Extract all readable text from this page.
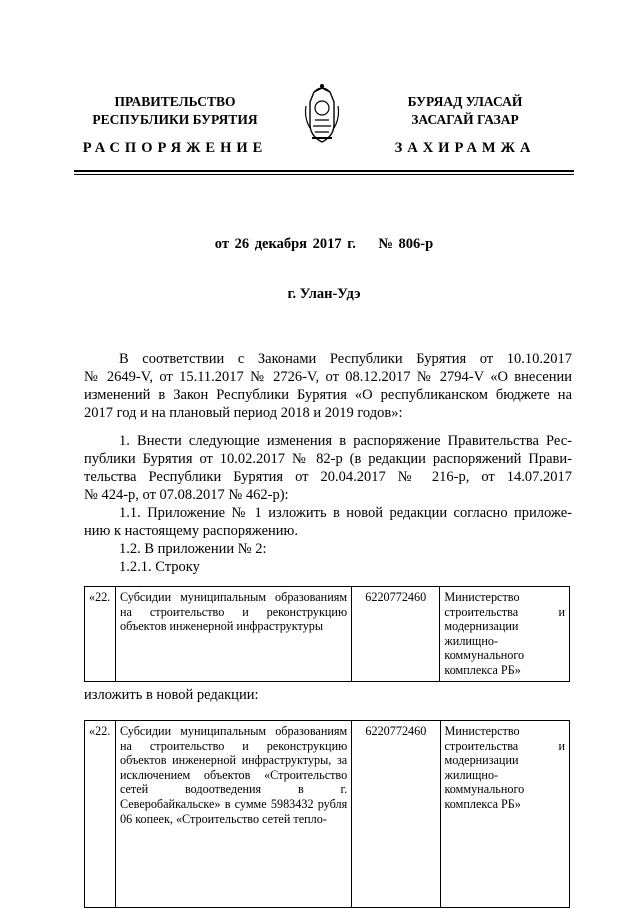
ПРАВИТЕЛЬСТВО
РЕСПУБЛИКИ БУРЯТИЯ
БУРЯАД УЛАСАЙ
ЗАСАГАЙ ГАЗАР
РАСПОРЯЖЕНИЕ	ЗАХИРАМЖА
от 26 декабря 2017 г.    № 806-р
г. Улан-Удэ

В соответствии с Законами Республики Бурятия от 10.10.2017

№ 2649-V, от 15.11.2017 № 2726-V, от 08.12.2017 № 2794-V «О внесении

изменений в Закон Республики Бурятия «О республиканском бюджете на

2017 год и на плановый период 2018 и 2019 годов»:

1. Внести следующие изменения в распоряжение Правительства Рес-

публики Бурятия от 10.02.2017 № 82-р (в редакции распоряжений Прави-

тельства Республики Бурятия от 20.04.2017 № 216-р, от 14.07.2017

№ 424-р, от 07.08.2017 № 462-р):

1.1. Приложение № 1 изложить в новой редакции согласно приложе-

нию к настоящему распоряжению.

1.2. В приложении № 2:

1.2.1. Строку

«22.	Субсидии муниципальным образованиям на строительство и реконструкцию объектов инженерной инфраструктуры	6220772460	Министерство строительства и модернизации жилищно-коммунального комплекса РБ»

изложить в новой редакции:

«22.	Субсидии муниципальным образованиям на строительство и реконструкцию объектов инженерной инфраструктуры, за исключением объектов «Строительство сетей водоотведения в г. Северобайкальске» в сумме 5983432 рубля 06 копеек, «Строительство сетей тепло-	6220772460	Министерство строительства и модернизации жилищно-коммунального комплекса РБ»
